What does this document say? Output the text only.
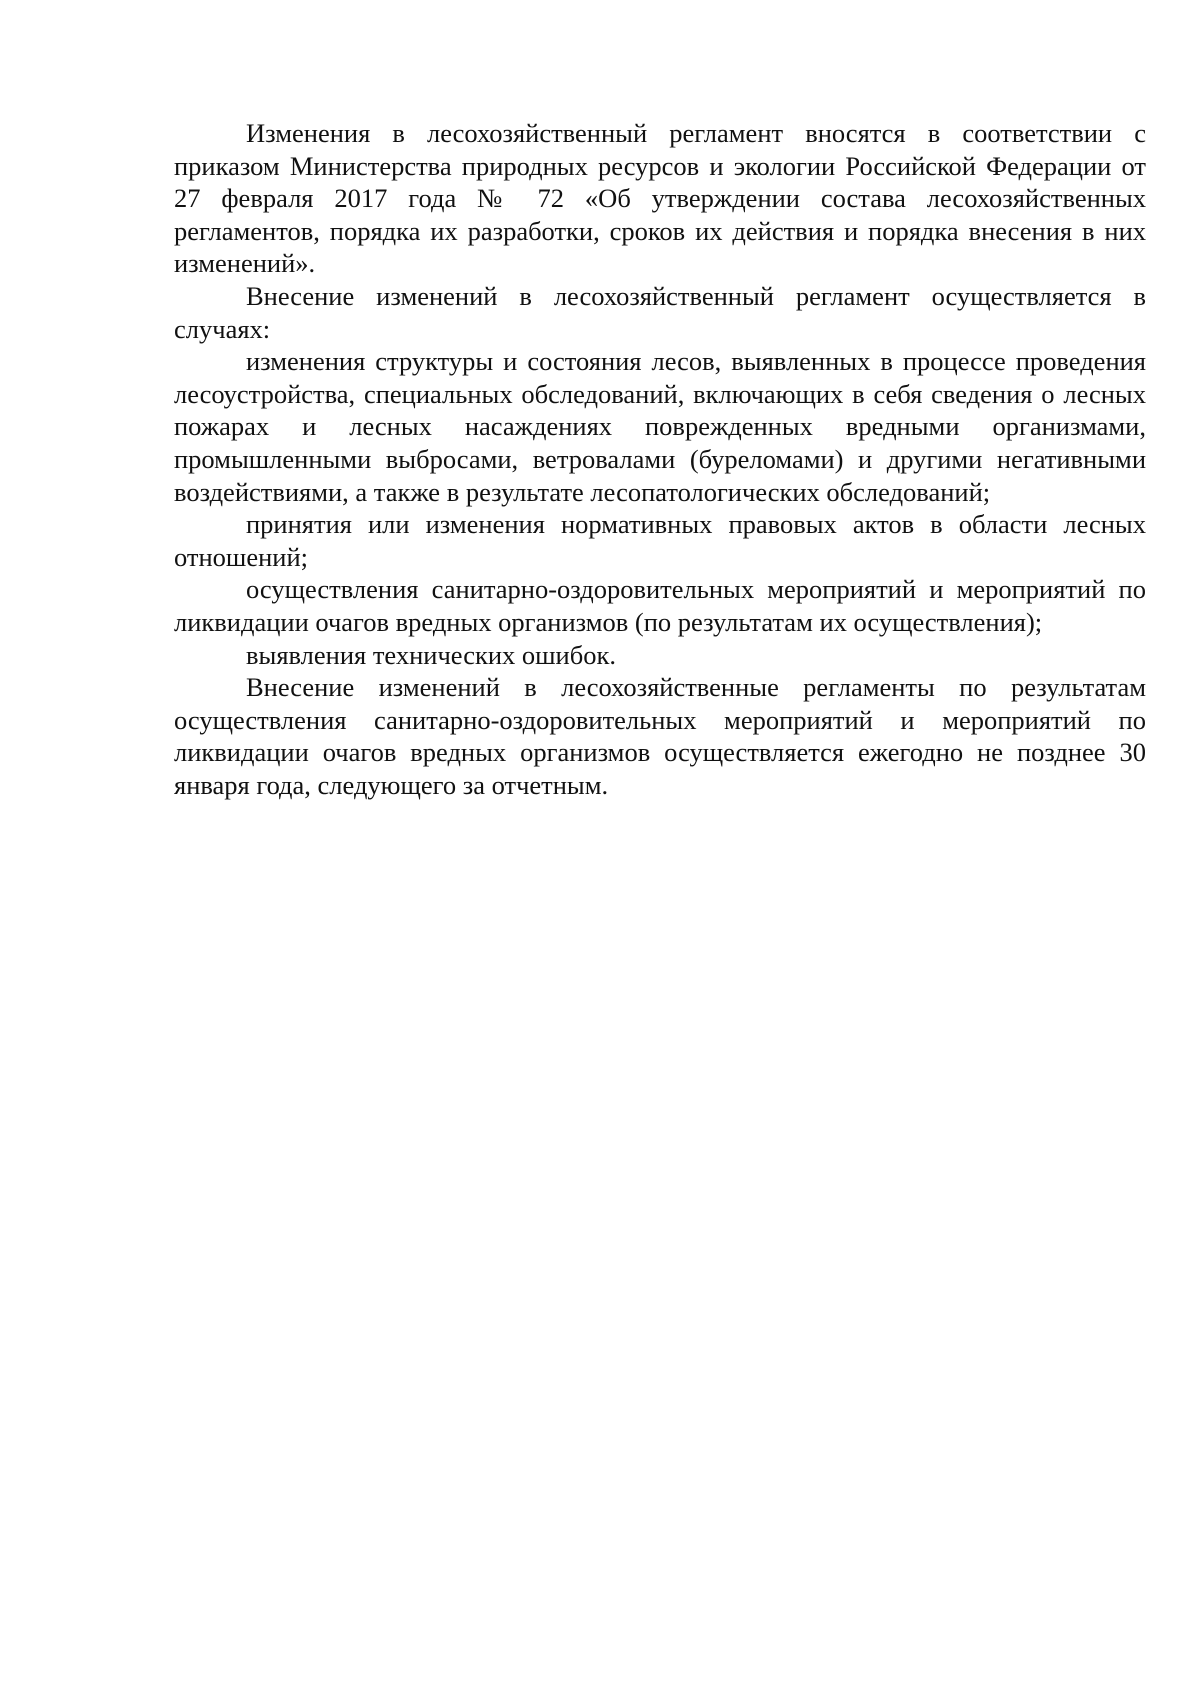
Изменения в лесохозяйственный регламент вносятся в соответствии с приказом Министерства природных ресурсов и экологии Российской Федерации от 27 февраля 2017 года № 72 «Об утверждении состава лесохозяйственных регламентов, порядка их разработки, сроков их действия и порядка внесения в них изменений».

Внесение изменений в лесохозяйственный регламент осуществляется в случаях:

изменения структуры и состояния лесов, выявленных в процессе проведения лесоустройства, специальных обследований, включающих в себя сведения о лесных пожарах и лесных насаждениях поврежденных вредными организмами, промышленными выбросами, ветровалами (буреломами) и другими негативными воздействиями, а также в результате лесопатологических обследований;

принятия или изменения нормативных правовых актов в области лесных отношений;

осуществления санитарно-оздоровительных мероприятий и мероприятий по ликвидации очагов вредных организмов (по результатам их осуществления);

выявления технических ошибок.

Внесение изменений в лесохозяйственные регламенты по результатам осуществления санитарно-оздоровительных мероприятий и мероприятий по ликвидации очагов вредных организмов осуществляется ежегодно не позднее 30 января года, следующего за отчетным.
